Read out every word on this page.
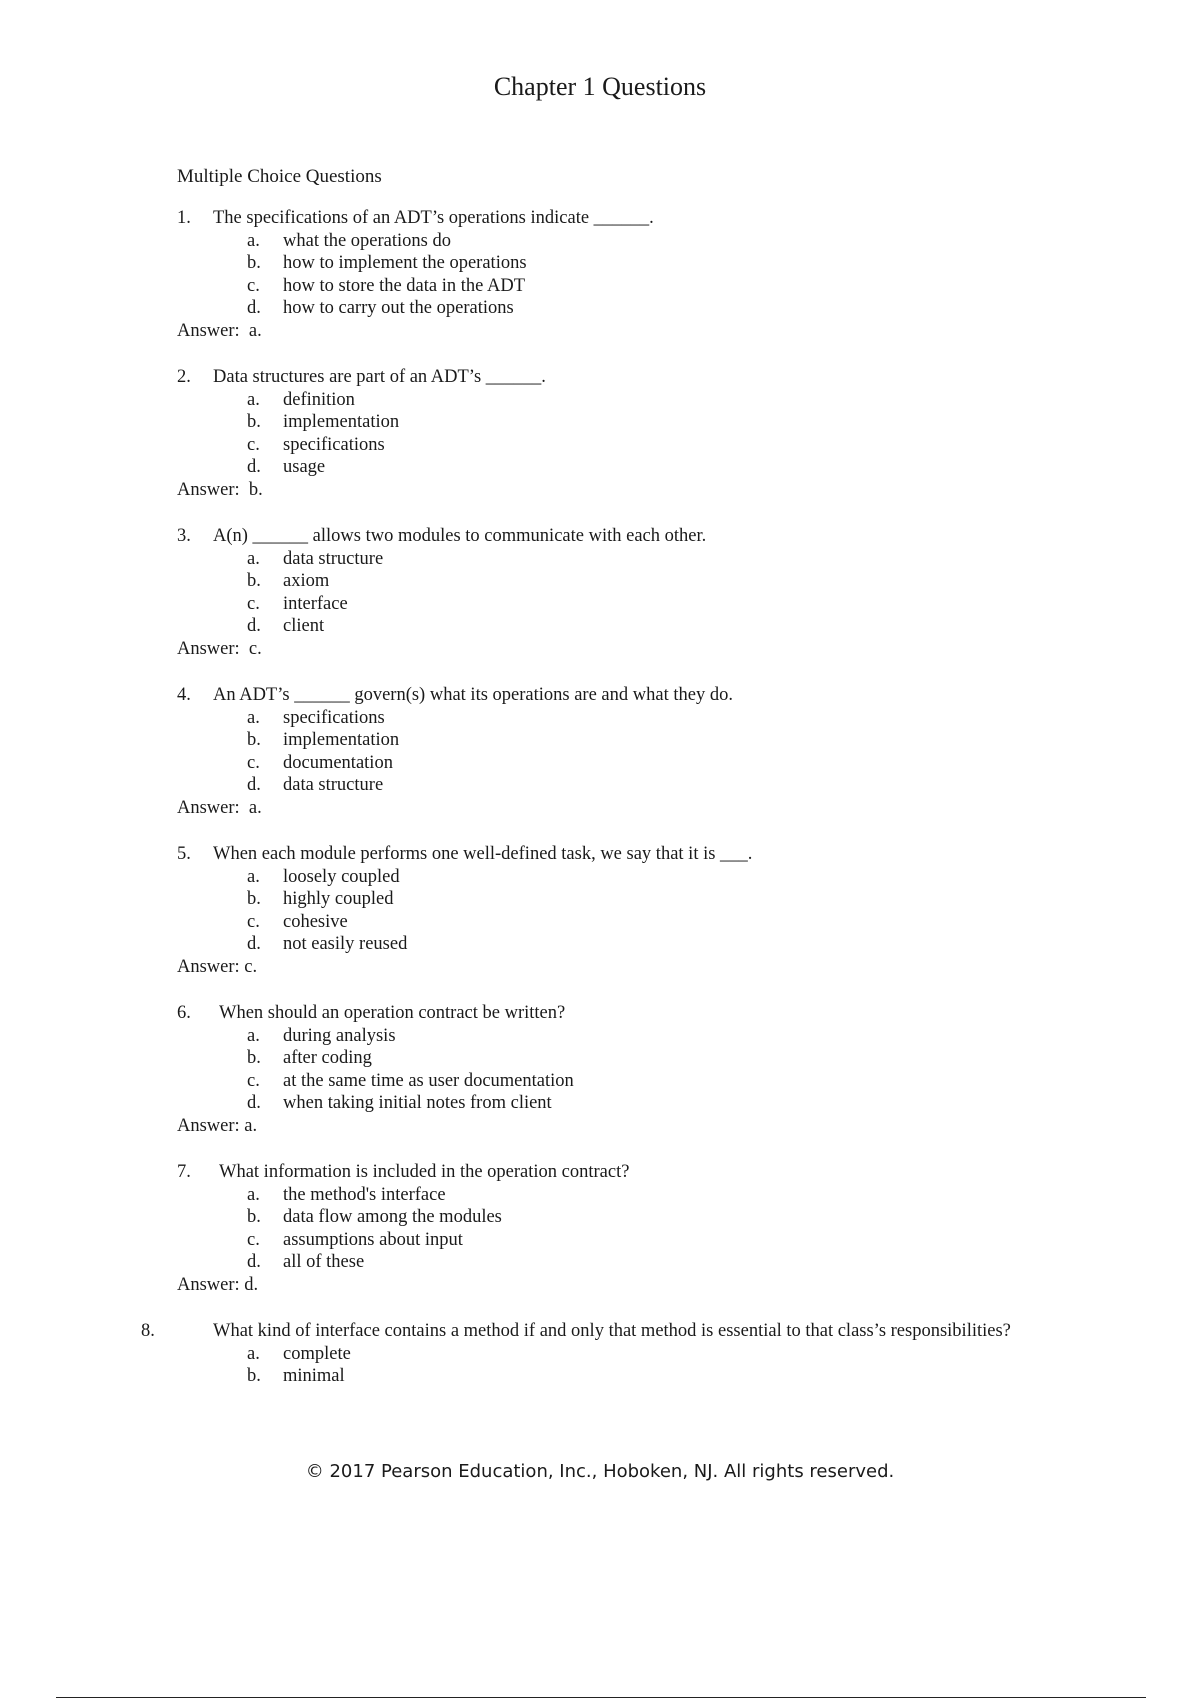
Chapter 1 Questions
Multiple Choice Questions
1. The specifications of an ADT’s operations indicate ______.
a. what the operations do
b. how to implement the operations
c. how to store the data in the ADT
d. how to carry out the operations
Answer:  a.
2. Data structures are part of an ADT’s ______.
a. definition
b. implementation
c. specifications
d. usage
Answer:  b.
3. A(n) ______ allows two modules to communicate with each other.
a. data structure
b. axiom
c. interface
d. client
Answer:  c.
4. An ADT’s ______ govern(s) what its operations are and what they do.
a. specifications
b. implementation
c. documentation
d. data structure
Answer:  a.
5. When each module performs one well-defined task, we say that it is ___.
a. loosely coupled
b. highly coupled
c. cohesive
d. not easily reused
Answer: c.
6. When should an operation contract be written?
a. during analysis
b. after coding
c. at the same time as user documentation
d. when taking initial notes from client
Answer: a.
7. What information is included in the operation contract?
a. the method's interface
b. data flow among the modules
c. assumptions about input
d. all of these
Answer: d.
8.	What kind of interface contains a method if and only that method is essential to that class’s responsibilities?
a. complete
b. minimal
© 2017 Pearson Education, Inc., Hoboken, NJ. All rights reserved.
